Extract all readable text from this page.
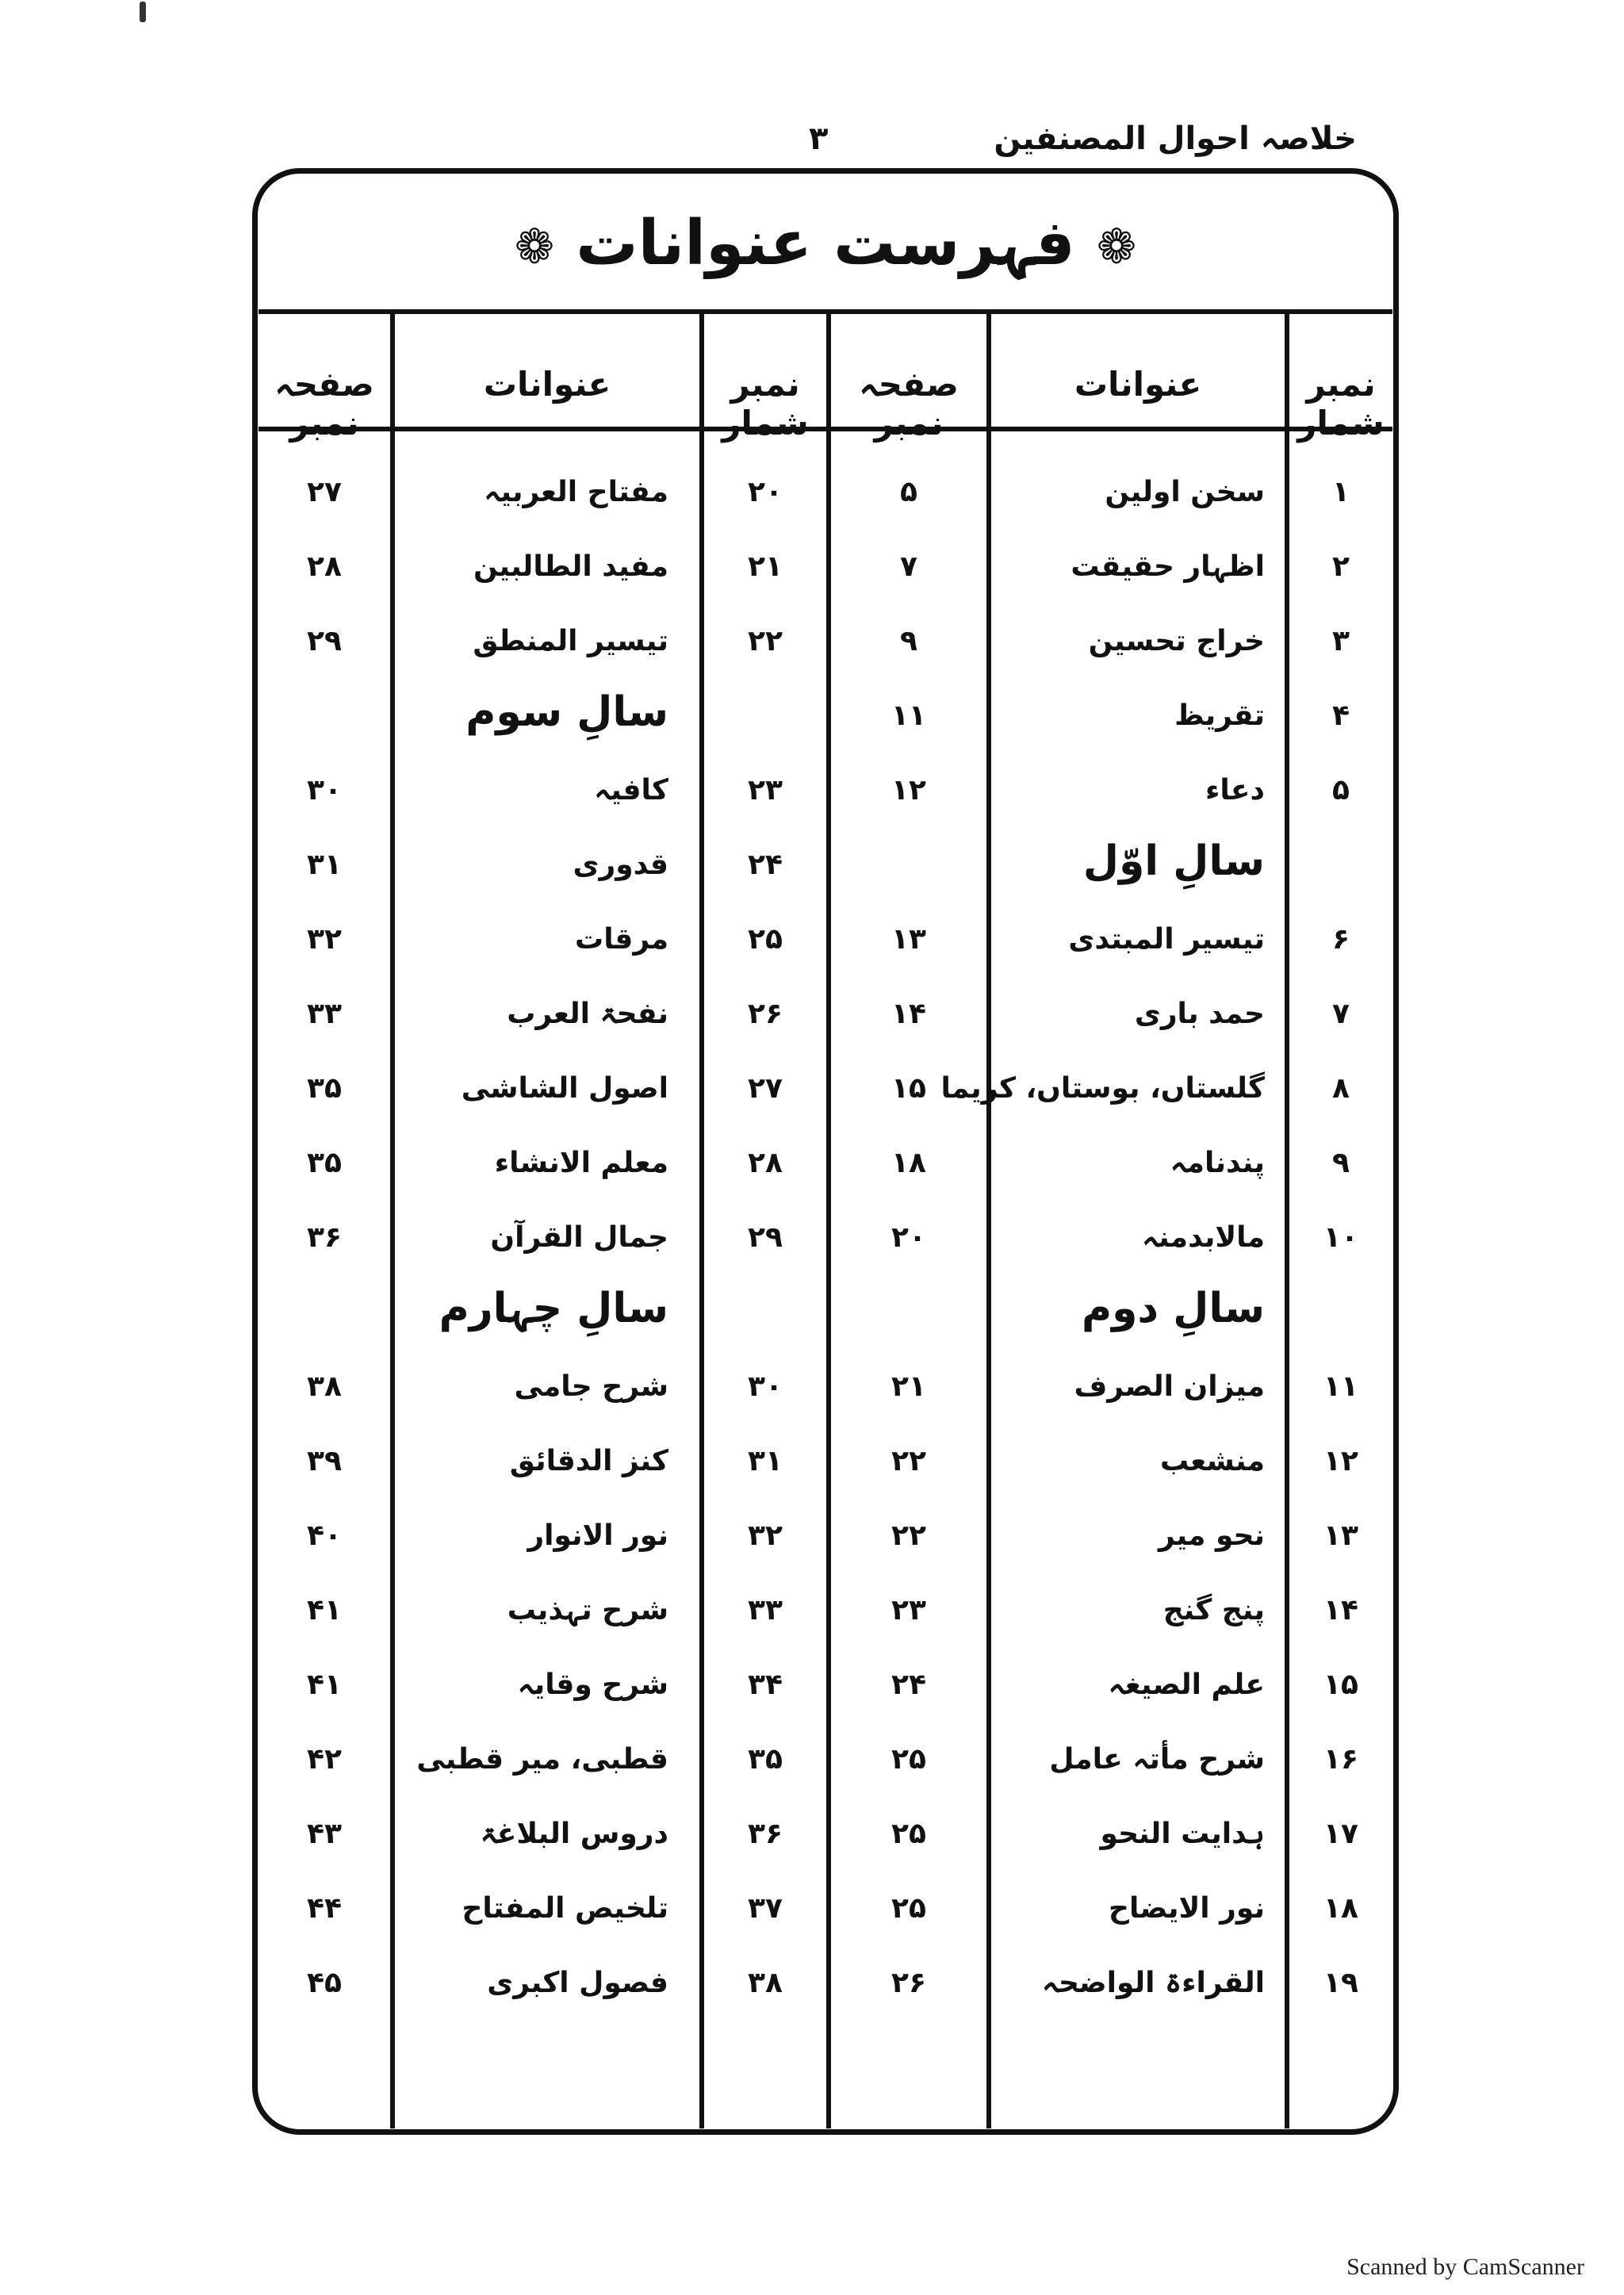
خلاصہ احوال المصنفین
۳
❁ فہرست عنوانات ❁
نمبر شمار
عنوانات
صفحہ نمبر
نمبر شمار
عنوانات
صفحہ نمبر
۱
سخن اولین
۵
۲
اظہار حقیقت
۷
۳
خراج تحسین
۹
۴
تقریظ
۱۱
۵
دعاء
۱۲
سالِ اوّل
۶
تیسیر المبتدی
۱۳
۷
حمد باری
۱۴
۸
گلستاں، بوستاں، کریما
۱۵
۹
پندنامہ
۱۸
۱۰
مالابدمنہ
۲۰
سالِ دوم
۱۱
میزان الصرف
۲۱
۱۲
منشعب
۲۲
۱۳
نحو میر
۲۲
۱۴
پنج گنج
۲۳
۱۵
علم الصیغہ
۲۴
۱۶
شرح مأتہ عامل
۲۵
۱۷
ہدایت النحو
۲۵
۱۸
نور الایضاح
۲۵
۱۹
القراءۃ الواضحہ
۲۶
۲۰
مفتاح العربیہ
۲۷
۲۱
مفید الطالبین
۲۸
۲۲
تیسیر المنطق
۲۹
سالِ سوم
۲۳
کافیہ
۳۰
۲۴
قدوری
۳۱
۲۵
مرقات
۳۲
۲۶
نفحۃ العرب
۳۳
۲۷
اصول الشاشی
۳۵
۲۸
معلم الانشاء
۳۵
۲۹
جمال القرآن
۳۶
سالِ چہارم
۳۰
شرح جامی
۳۸
۳۱
کنز الدقائق
۳۹
۳۲
نور الانوار
۴۰
۳۳
شرح تہذیب
۴۱
۳۴
شرح وقایہ
۴۱
۳۵
قطبی، میر قطبی
۴۲
۳۶
دروس البلاغۃ
۴۳
۳۷
تلخیص المفتاح
۴۴
۳۸
فصول اکبری
۴۵
Scanned by CamScanner
